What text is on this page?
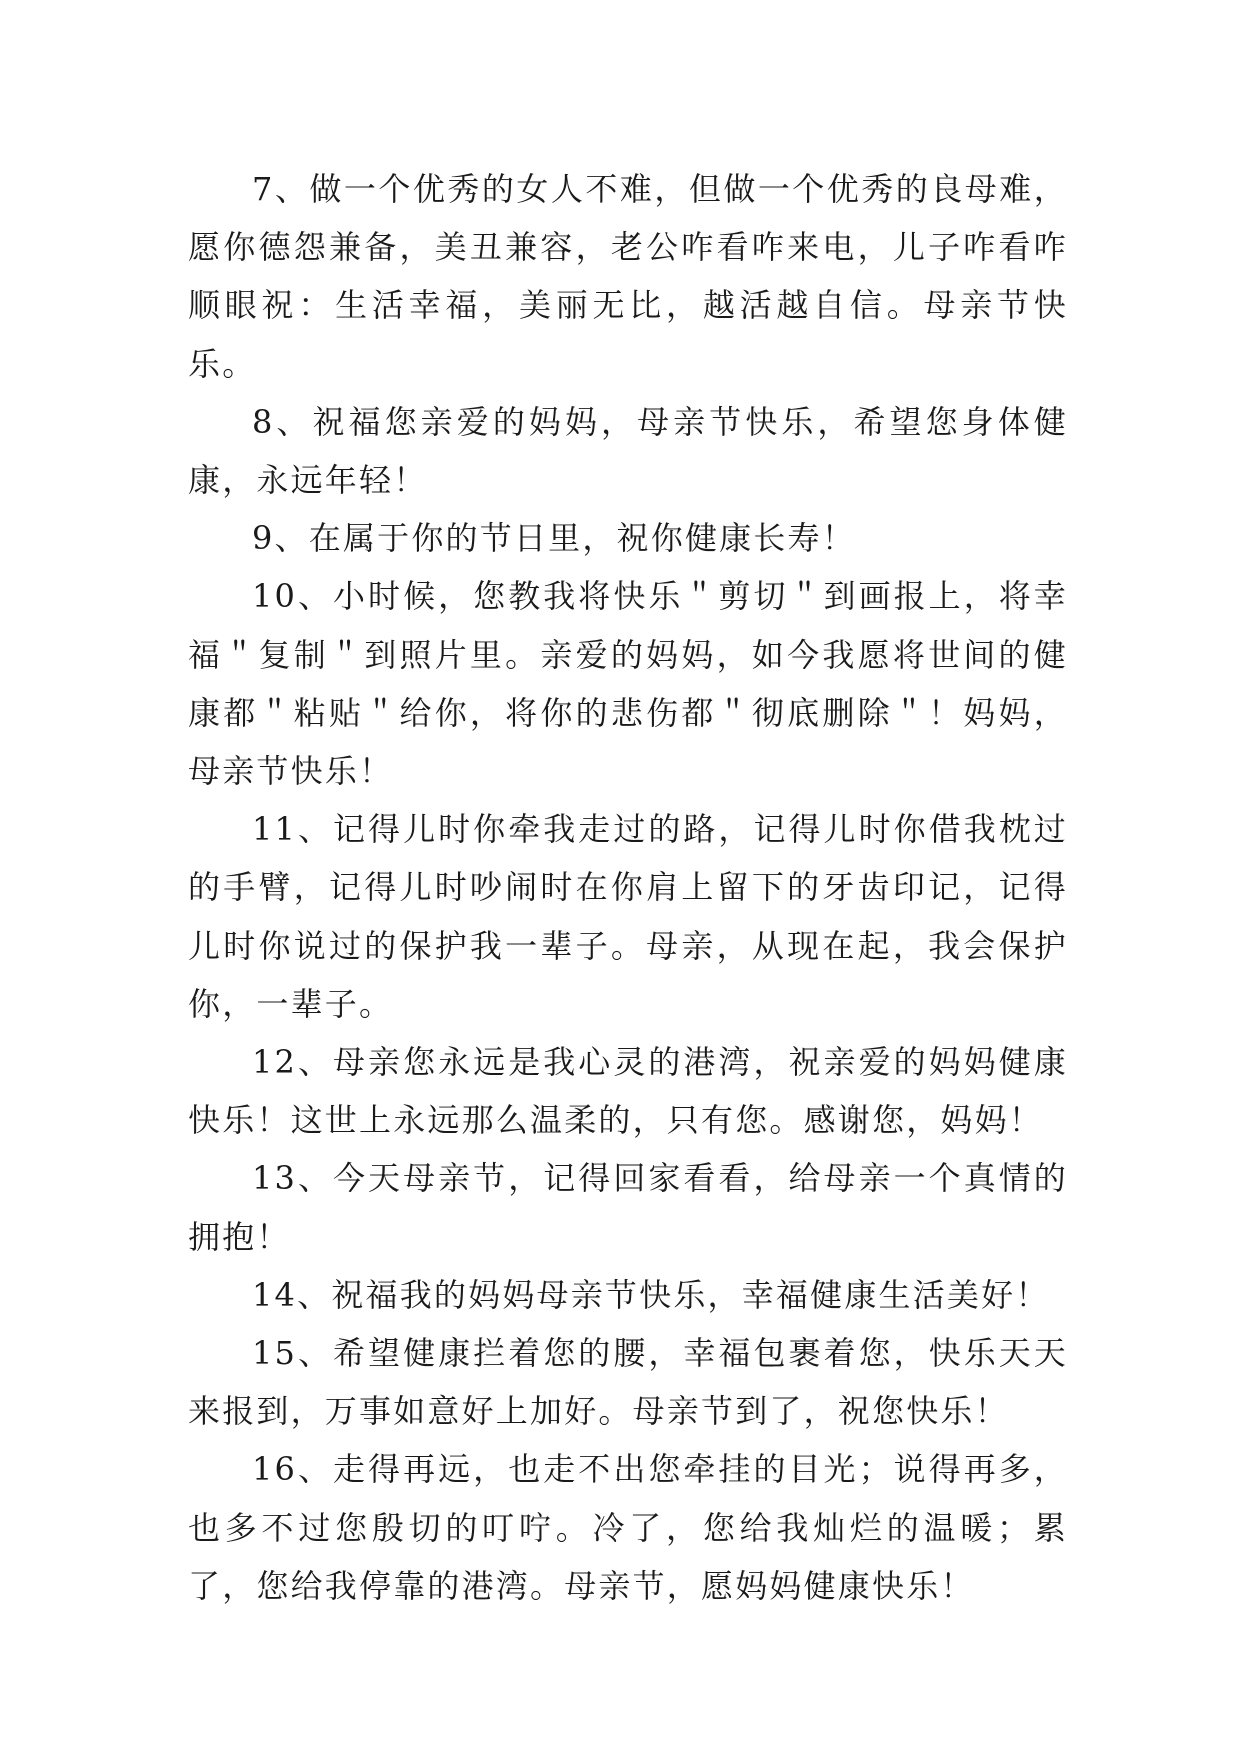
7、做一个优秀的女人不难，但做一个优秀的良母难，愿你德怨兼备，美丑兼容，老公咋看咋来电，儿子咋看咋顺眼祝：生活幸福，美丽无比，越活越自信。母亲节快乐。

8、祝福您亲爱的妈妈，母亲节快乐，希望您身体健康，永远年轻！

9、在属于你的节日里，祝你健康长寿！

10、小时候，您教我将快乐＂剪切＂到画报上，将幸福＂复制＂到照片里。亲爱的妈妈，如今我愿将世间的健康都＂粘贴＂给你，将你的悲伤都＂彻底删除＂！妈妈，母亲节快乐！

11、记得儿时你牵我走过的路，记得儿时你借我枕过的手臂，记得儿时吵闹时在你肩上留下的牙齿印记，记得儿时你说过的保护我一辈子。母亲，从现在起，我会保护你，一辈子。

12、母亲您永远是我心灵的港湾，祝亲爱的妈妈健康快乐！这世上永远那么温柔的，只有您。感谢您，妈妈！

13、今天母亲节，记得回家看看，给母亲一个真情的拥抱！

14、祝福我的妈妈母亲节快乐，幸福健康生活美好！

15、希望健康拦着您的腰，幸福包裹着您，快乐天天来报到，万事如意好上加好。母亲节到了，祝您快乐！

16、走得再远，也走不出您牵挂的目光；说得再多，也多不过您殷切的叮咛。冷了，您给我灿烂的温暖；累了，您给我停靠的港湾。母亲节，愿妈妈健康快乐！
